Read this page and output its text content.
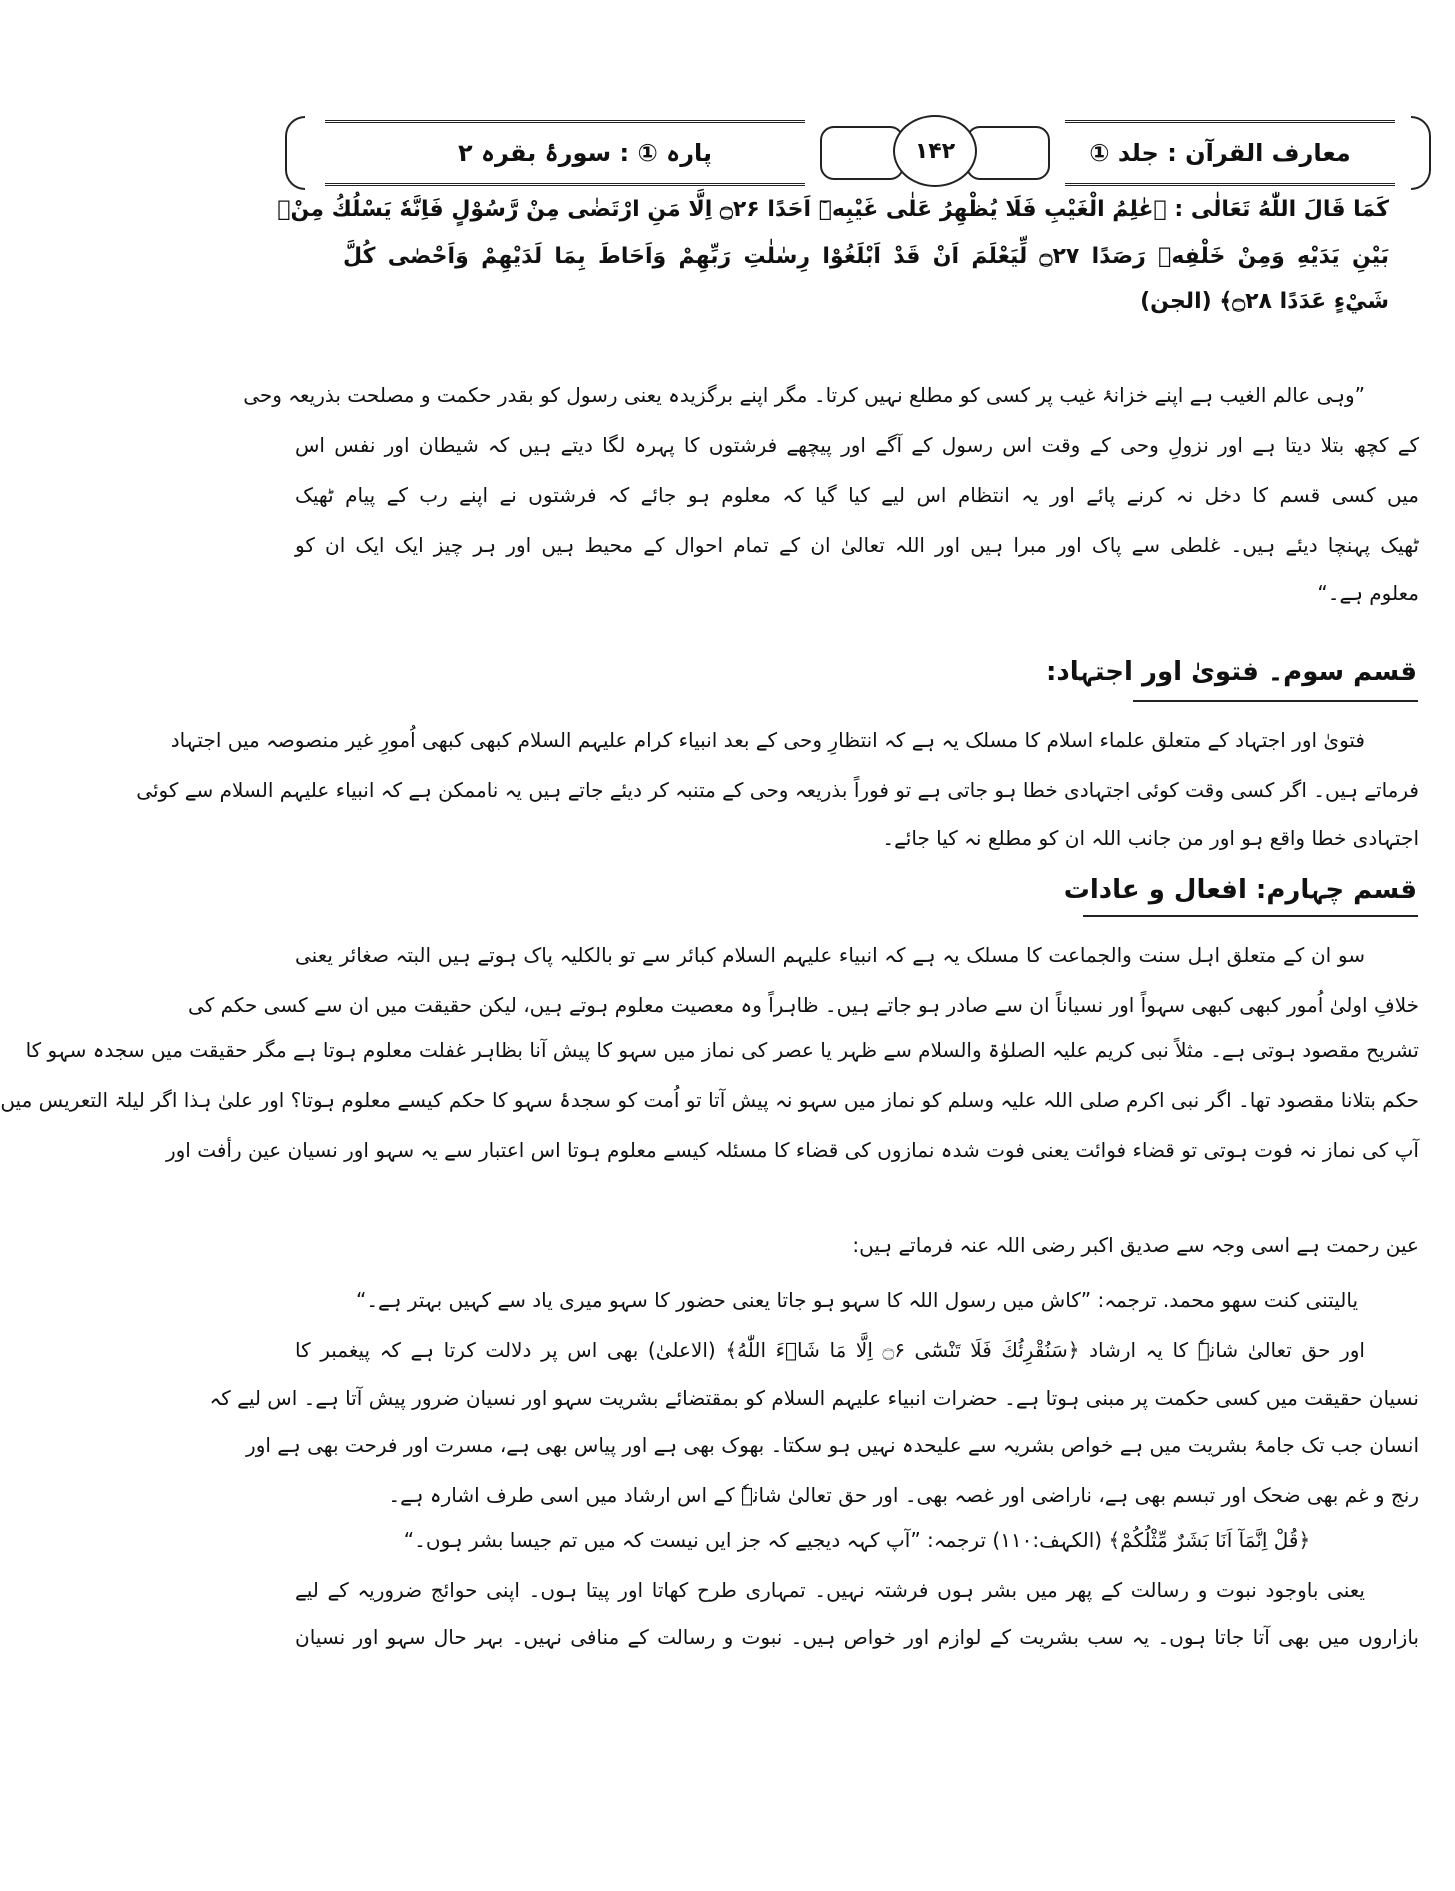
معارف القرآن : جلد ①
۱۴۲
پارہ ① : سورۂ بقرہ ۲
كَمَا قَالَ اللّٰهُ تَعَالٰى : ﴿عٰلِمُ الْغَيْبِ فَلَا يُظْهِرُ عَلٰى غَيْبِهٖٓ اَحَدًا ۝۲۶ اِلَّا مَنِ ارْتَضٰى مِنْ رَّسُوْلٍ فَاِنَّهٗ يَسْلُكُ مِنْۢ
بَيْنِ يَدَيْهِ وَمِنْ خَلْفِهٖ رَصَدًا ۝۲۷ لِّيَعْلَمَ اَنْ قَدْ اَبْلَغُوْا رِسٰلٰتِ رَبِّهِمْ وَاَحَاطَ بِمَا لَدَيْهِمْ وَاَحْصٰى كُلَّ
شَيْءٍ عَدَدًا ۝۲۸﴾ (الجن)
”وہی عالم الغیب ہے اپنے خزانۂ غیب پر کسی کو مطلع نہیں کرتا۔ مگر اپنے برگزیدہ یعنی رسول کو بقدر حکمت و مصلحت بذریعہ وحی
کے کچھ بتلا دیتا ہے اور نزولِ وحی کے وقت اس رسول کے آگے اور پیچھے فرشتوں کا پہرہ لگا دیتے ہیں کہ شیطان اور نفس اس
میں کسی قسم کا دخل نہ کرنے پائے اور یہ انتظام اس لیے کیا گیا کہ معلوم ہو جائے کہ فرشتوں نے اپنے رب کے پیام ٹھیک
ٹھیک پہنچا دیئے ہیں۔ غلطی سے پاک اور مبرا ہیں اور اللہ تعالیٰ ان کے تمام احوال کے محیط ہیں اور ہر چیز ایک ایک ان کو
معلوم ہے۔“
قسم سوم۔ فتویٰ اور اجتہاد:
فتویٰ اور اجتہاد کے متعلق علماء اسلام کا مسلک یہ ہے کہ انتظارِ وحی کے بعد انبیاء کرام علیہم السلام کبھی کبھی اُمورِ غیر منصوصہ میں اجتہاد
فرماتے ہیں۔ اگر کسی وقت کوئی اجتہادی خطا ہو جاتی ہے تو فوراً بذریعہ وحی کے متنبہ کر دیئے جاتے ہیں یہ ناممکن ہے کہ انبیاء علیہم السلام سے کوئی
اجتہادی خطا واقع ہو اور من جانب اللہ ان کو مطلع نہ کیا جائے۔
قسم چہارم: افعال و عادات
سو ان کے متعلق اہل سنت والجماعت کا مسلک یہ ہے کہ انبیاء علیہم السلام کبائر سے تو بالکلیہ پاک ہوتے ہیں البتہ صغائر یعنی
خلافِ اولیٰ اُمور کبھی کبھی سہواً اور نسیاناً ان سے صادر ہو جاتے ہیں۔ ظاہراً وہ معصیت معلوم ہوتے ہیں، لیکن حقیقت میں ان سے کسی حکم کی
تشریح مقصود ہوتی ہے۔ مثلاً نبی کریم علیہ الصلوٰۃ والسلام سے ظہر یا عصر کی نماز میں سہو کا پیش آنا بظاہر غفلت معلوم ہوتا ہے مگر حقیقت میں سجدہ سہو کا
حکم بتلانا مقصود تھا۔ اگر نبی اکرم صلی اللہ علیہ وسلم کو نماز میں سہو نہ پیش آتا تو اُمت کو سجدۂ سہو کا حکم کیسے معلوم ہوتا؟ اور علیٰ ہذا اگر لیلۃ التعریس میں
آپ کی نماز نہ فوت ہوتی تو قضاء فوائت یعنی فوت شدہ نمازوں کی قضاء کا مسئلہ کیسے معلوم ہوتا اس اعتبار سے یہ سہو اور نسیان عین رأفت اور
عین رحمت ہے اسی وجہ سے صدیق اکبر رضی اللہ عنہ فرماتے ہیں:
یالیتنی کنت سهو محمد. ترجمہ: ”کاش میں رسول اللہ کا سہو ہو جاتا یعنی حضور کا سہو میری یاد سے کہیں بہتر ہے۔“
اور حق تعالیٰ شانہٗ کا یہ ارشاد ﴿سَنُقْرِئُكَ فَلَا تَنْسٰٓى ۝۶ اِلَّا مَا شَاۗءَ اللّٰهُ﴾ (الاعلیٰ) بھی اس پر دلالت کرتا ہے کہ پیغمبر کا
نسیان حقیقت میں کسی حکمت پر مبنی ہوتا ہے۔ حضرات انبیاء علیہم السلام کو بمقتضائے بشریت سہو اور نسیان ضرور پیش آتا ہے۔ اس لیے کہ
انسان جب تک جامۂ بشریت میں ہے خواص بشریہ سے علیحدہ نہیں ہو سکتا۔ بھوک بھی ہے اور پیاس بھی ہے، مسرت اور فرحت بھی ہے اور
رنج و غم بھی ضحک اور تبسم بھی ہے، ناراضی اور غصہ بھی۔ اور حق تعالیٰ شانہٗ کے اس ارشاد میں اسی طرف اشارہ ہے۔
﴿قُلْ اِنَّمَآ اَنَا بَشَرٌ مِّثْلُكُمْ﴾ (الکہف:۱۱۰) ترجمہ: ”آپ کہہ دیجیے کہ جز ایں نیست کہ میں تم جیسا بشر ہوں۔“
یعنی باوجود نبوت و رسالت کے پھر میں بشر ہوں فرشتہ نہیں۔ تمہاری طرح کھاتا اور پیتا ہوں۔ اپنی حوائج ضروریہ کے لیے
بازاروں میں بھی آتا جاتا ہوں۔ یہ سب بشریت کے لوازم اور خواص ہیں۔ نبوت و رسالت کے منافی نہیں۔ بہر حال سہو اور نسیان
